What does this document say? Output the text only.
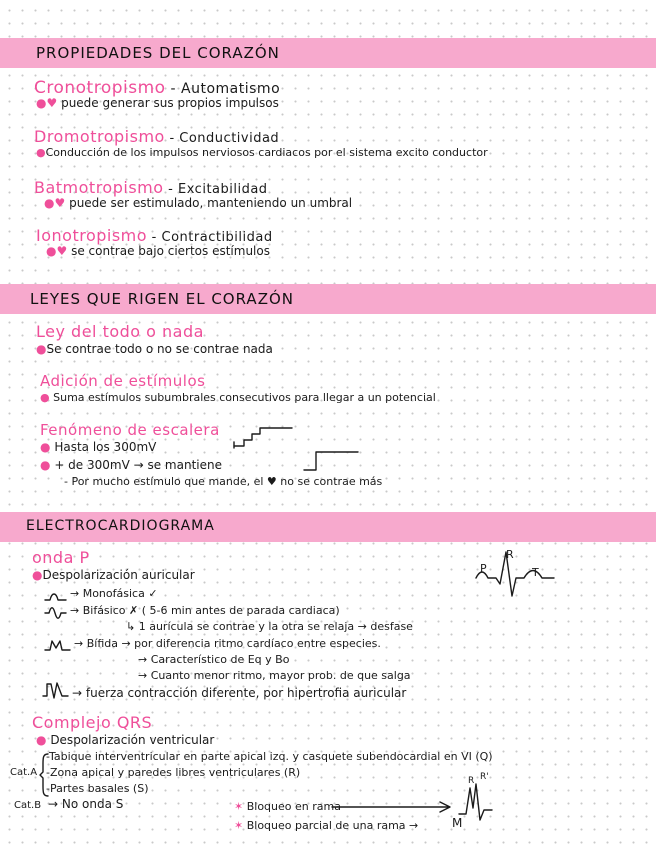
PROPIEDADES DEL CORAZÓN
Cronotropismo - Automatismo
●♥ puede generar sus propios impulsos
Dromotropismo - Conductividad
●Conducción de los impulsos nerviosos cardiacos por el sistema excito conductor
Batmotropismo - Excitabilidad
●♥ puede ser estimulado, manteniendo un umbral
Ionotropismo - Contractibilidad
●♥ se contrae bajo ciertos estímulos
LEYES QUE RIGEN EL CORAZÓN
Ley del todo o nada
●Se contrae todo o no se contrae nada
Adición de estímulos
● Suma estímulos subumbrales consecutivos para llegar a un potencial
Fenómeno de escalera
● Hasta los 300mV
● + de 300mV → se mantiene
- Por mucho estímulo que mande, el ♥ no se contrae más
ELECTROCARDIOGRAMA
onda P
●Despolarización auricular	P
R
T
→ Monofásica ✓
→ Bifásico ✗ ( 5-6 min antes de parada cardiaca)
↳ 1 aurícula se contrae y la otra se relaja → desfase
→ Bífida → por diferencia ritmo cardíaco entre especies.
→ Característico de Eq y Bo
→ Cuanto menor ritmo, mayor prob. de que salga
→ fuerza contracción diferente, por hipertrofia auricular
Complejo QRS
● Despolarización ventricular
Cat.A
-Tabique interventricular en parte apical izq. y casquete subendocardial en VI (Q)
-Zona apical y paredes libres ventriculares (R)
-Partes basales (S)
Cat.B → No onda S	✶ Bloqueo en rama
R R'
✶ Bloqueo parcial de una rama →	M
